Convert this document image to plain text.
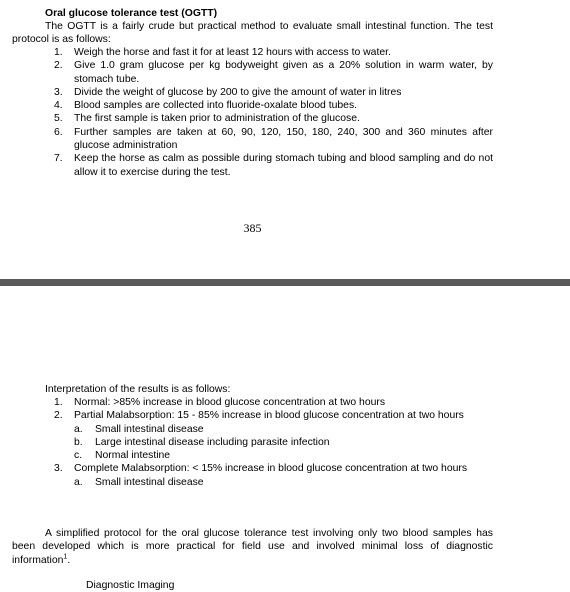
Oral glucose tolerance test (OGTT)
The OGTT is a fairly crude but practical method to evaluate small intestinal function. The test protocol is as follows:
1. Weigh the horse and fast it for at least 12 hours with access to water.
2. Give 1.0 gram glucose per kg bodyweight given as a 20% solution in warm water, by stomach tube.
3. Divide the weight of glucose by 200 to give the amount of water in litres
4. Blood samples are collected into fluoride-oxalate blood tubes.
5. The first sample is taken prior to administration of the glucose.
6. Further samples are taken at 60, 90, 120, 150, 180, 240, 300 and 360 minutes after glucose administration
7. Keep the horse as calm as possible during stomach tubing and blood sampling and do not allow it to exercise during the test.
385
Interpretation of the results is as follows:
1. Normal: >85% increase in blood glucose concentration at two hours
2. Partial Malabsorption: 15 - 85% increase in blood glucose concentration at two hours
a. Small intestinal disease
b. Large intestinal disease including parasite infection
c. Normal intestine
3. Complete Malabsorption: < 15% increase in blood glucose concentration at two hours
a. Small intestinal disease
A simplified protocol for the oral glucose tolerance test involving only two blood samples has been developed which is more practical for field use and involved minimal loss of diagnostic information$^1$.
Diagnostic Imaging
